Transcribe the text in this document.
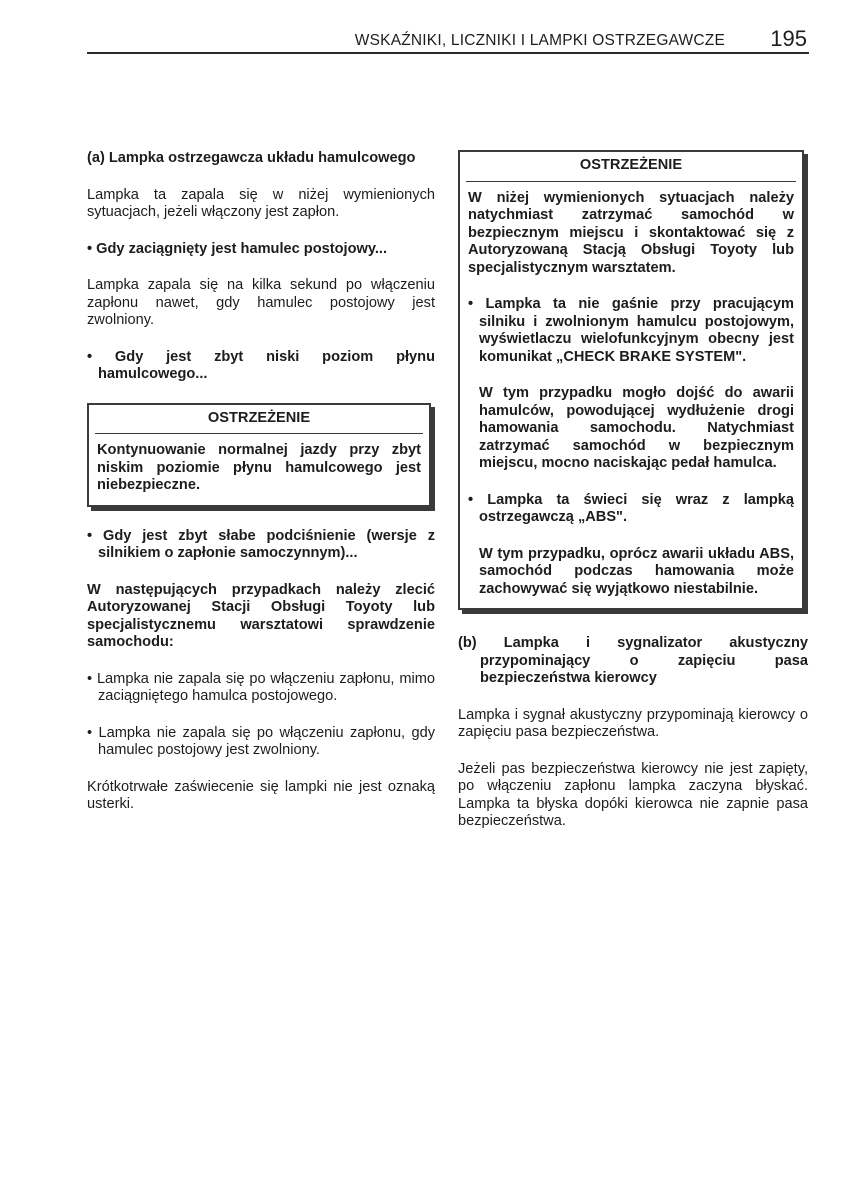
WSKAŹNIKI, LICZNIKI I LAMPKI OSTRZEGAWCZE 195

(a) Lampka ostrzegawcza układu hamulcowego

Lampka ta zapala się w niżej wymienionych sytuacjach, jeżeli włączony jest zapłon.

• Gdy zaciągnięty jest hamulec postojowy...

Lampka zapala się na kilka sekund po włączeniu zapłonu nawet, gdy hamulec postojowy jest zwolniony.

• Gdy jest zbyt niski poziom płynu hamulcowego...

OSTRZEŻENIE

Kontynuowanie normalnej jazdy przy zbyt niskim poziomie płynu hamulcowego jest niebezpieczne.

• Gdy jest zbyt słabe podciśnienie (wersje z silnikiem o zapłonie samoczynnym)...

W następujących przypadkach należy zlecić Autoryzowanej Stacji Obsługi Toyoty lub specjalistycznemu warsztatowi sprawdzenie samochodu:

• Lampka nie zapala się po włączeniu zapłonu, mimo zaciągniętego hamulca postojowego.

• Lampka nie zapala się po włączeniu zapłonu, gdy hamulec postojowy jest zwolniony.

Krótkotrwałe zaświecenie się lampki nie jest oznaką usterki.

OSTRZEŻENIE

W niżej wymienionych sytuacjach należy natychmiast zatrzymać samochód w bezpiecznym miejscu i skontaktować się z Autoryzowaną Stacją Obsługi Toyoty lub specjalistycznym warsztatem.

• Lampka ta nie gaśnie przy pracującym silniku i zwolnionym hamulcu postojowym, wyświetlaczu wielofunkcyjnym obecny jest komunikat „CHECK BRAKE SYSTEM".

W tym przypadku mogło dojść do awarii hamulców, powodującej wydłużenie drogi hamowania samochodu. Natychmiast zatrzymać samochód w bezpiecznym miejscu, mocno naciskając pedał hamulca.

• Lampka ta świeci się wraz z lampką ostrzegawczą „ABS".

W tym przypadku, oprócz awarii układu ABS, samochód podczas hamowania może zachowywać się wyjątkowo niestabilnie.

(b) Lampka i sygnalizator akustyczny przypominający o zapięciu pasa bezpieczeństwa kierowcy

Lampka i sygnał akustyczny przypominają kierowcy o zapięciu pasa bezpieczeństwa.

Jeżeli pas bezpieczeństwa kierowcy nie jest zapięty, po włączeniu zapłonu lampka zaczyna błyskać. Lampka ta błyska dopóki kierowca nie zapnie pasa bezpieczeństwa.
